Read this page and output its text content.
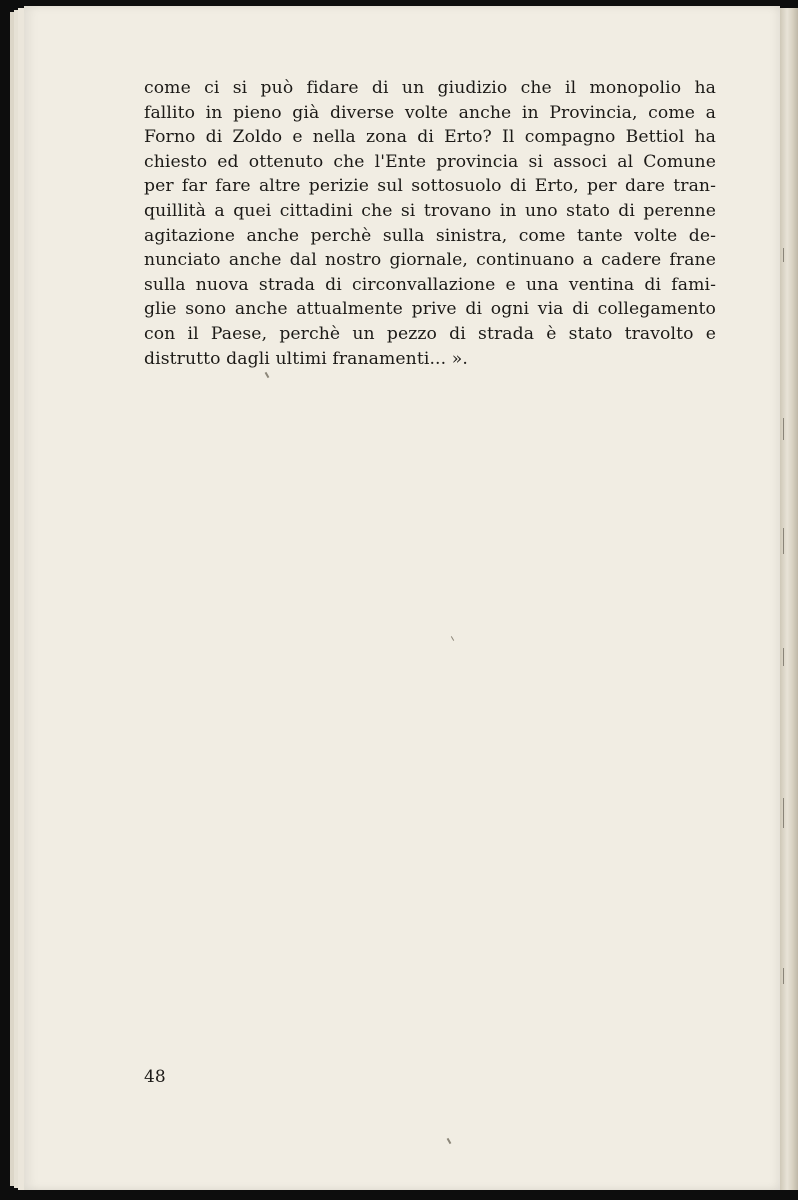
come ci si può fidare di un giudizio che il monopolio ha
fallito in pieno già diverse volte anche in Provincia, come a
Forno di Zoldo e nella zona di Erto? Il compagno Bettiol ha
chiesto ed ottenuto che l'Ente provincia si associ al Comune
per far fare altre perizie sul sottosuolo di Erto, per dare tran-
quillità a quei cittadini che si trovano in uno stato di perenne
agitazione anche perchè sulla sinistra, come tante volte de-
nunciato anche dal nostro giornale, continuano a cadere frane
sulla nuova strada di circonvallazione e una ventina di fami-
glie sono anche attualmente prive di ogni via di collegamento
con il Paese, perchè un pezzo di strada è stato travolto e
distrutto dagli ultimi franamenti... ».
48
